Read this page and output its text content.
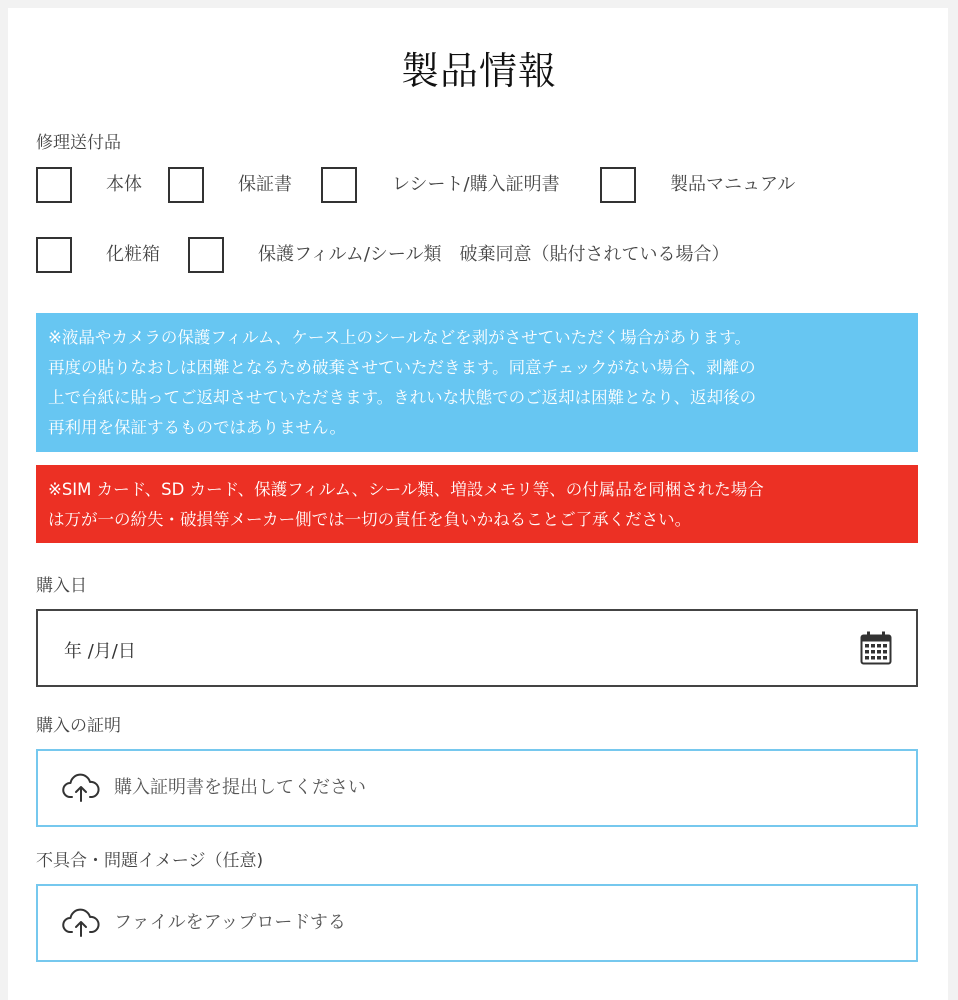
製品情報
修理送付品
本体	保証書	レシート/購入証明書	製品マニュアル
化粧箱	保護フィルム/シール類　破棄同意（貼付されている場合）
※液晶やカメラの保護フィルム、ケース上のシールなどを剥がさせていただく場合があります。
再度の貼りなおしは困難となるため破棄させていただきます。同意チェックがない場合、剥離の
上で台紙に貼ってご返却させていただきます。きれいな状態でのご返却は困難となり、返却後の
再利用を保証するものではありません。
※SIM カード、SD カード、保護フィルム、シール類、増設メモリ等、の付属品を同梱された場合
は万が一の紛失・破損等メーカー側では一切の責任を負いかねることご了承ください。
購入日
年 /月/日
購入の証明
購入証明書を提出してください
不具合・問題イメージ（任意)
ファイルをアップロードする
